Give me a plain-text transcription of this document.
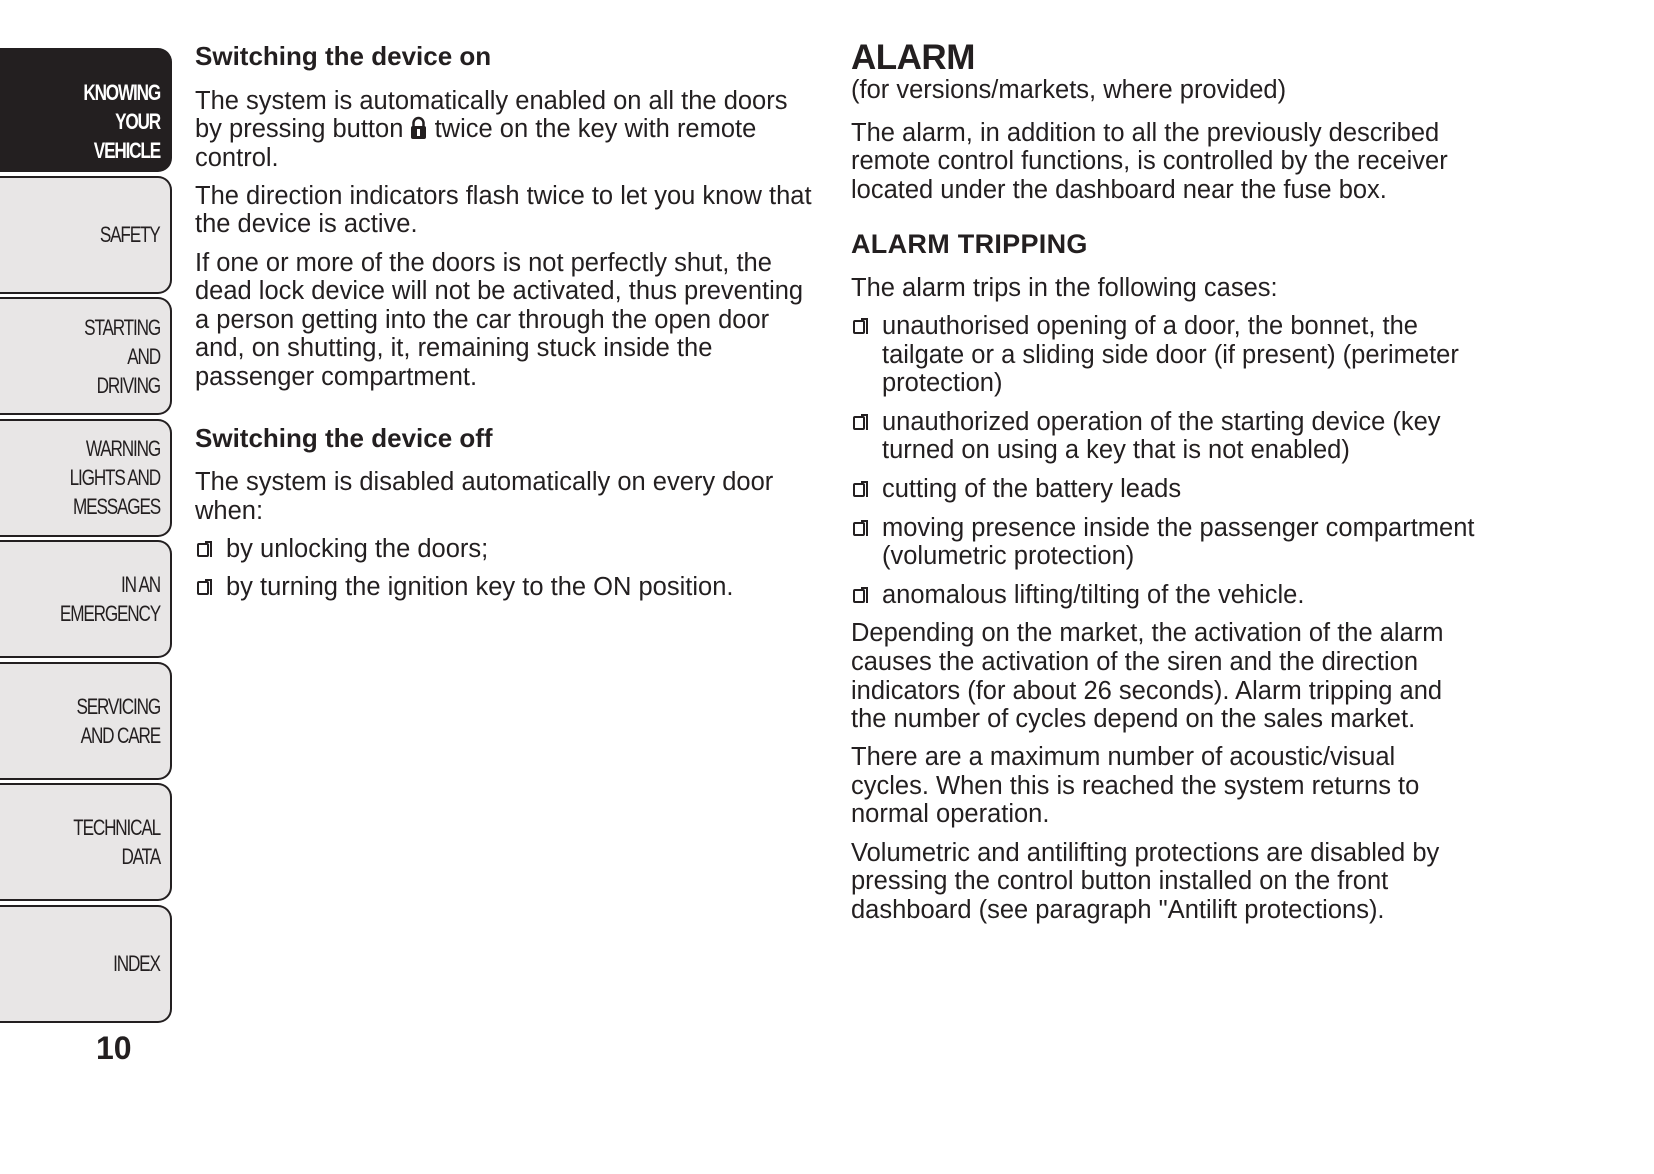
KNOWING YOUR VEHICLE
SAFETY
STARTING AND DRIVING
WARNING LIGHTS AND MESSAGES
IN AN EMERGENCY
SERVICING AND CARE
TECHNICAL DATA
INDEX
10
Switching the device on

The system is automatically enabled on all the doors by pressing button twice on the key with remote control.

The direction indicators flash twice to let you know that the device is active.

If one or more of the doors is not perfectly shut, the dead lock device will not be activated, thus preventing a person getting into the car through the open door and, on shutting, it, remaining stuck inside the passenger compartment.

Switching the device off

The system is disabled automatically on every door when:

by unlocking the doors;
by turning the ignition key to the ON position.
ALARM

(for versions/markets, where provided)

The alarm, in addition to all the previously described remote control functions, is controlled by the receiver located under the dashboard near the fuse box.

ALARM TRIPPING

The alarm trips in the following cases:

unauthorised opening of a door, the bonnet, the tailgate or a sliding side door (if present) (perimeter protection)
unauthorized operation of the starting device (key turned on using a key that is not enabled)
cutting of the battery leads
moving presence inside the passenger compartment (volumetric protection)
anomalous lifting/tilting of the vehicle.

Depending on the market, the activation of the alarm causes the activation of the siren and the direction indicators (for about 26 seconds). Alarm tripping and the number of cycles depend on the sales market.

There are a maximum number of acoustic/visual cycles. When this is reached the system returns to normal operation.

Volumetric and antilifting protections are disabled by pressing the control button installed on the front dashboard (see paragraph "Antilift protections).
